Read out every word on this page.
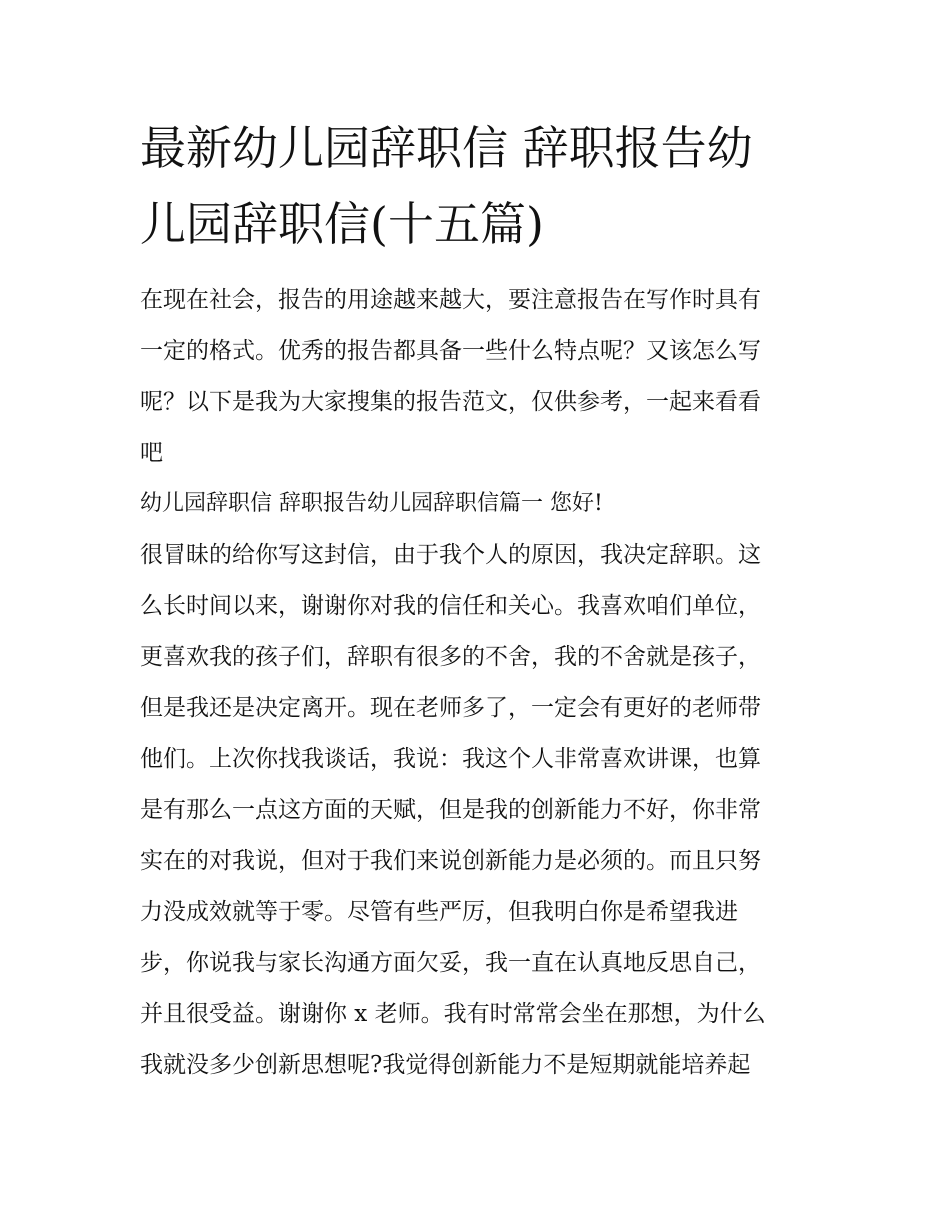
最新幼儿园辞职信 辞职报告幼
儿园辞职信(十五篇)
在现在社会，报告的用途越来越大，要注意报告在写作时具有
一定的格式。优秀的报告都具备一些什么特点呢？又该怎么写
呢？以下是我为大家搜集的报告范文，仅供参考，一起来看看
吧
幼儿园辞职信 辞职报告幼儿园辞职信篇一 您好!
很冒昧的给你写这封信，由于我个人的原因，我决定辞职。这
么长时间以来，谢谢你对我的信任和关心。我喜欢咱们单位，
更喜欢我的孩子们，辞职有很多的不舍，我的不舍就是孩子，
但是我还是决定离开。现在老师多了，一定会有更好的老师带
他们。上次你找我谈话，我说：我这个人非常喜欢讲课，也算
是有那么一点这方面的天赋，但是我的创新能力不好，你非常
实在的对我说，但对于我们来说创新能力是必须的。而且只努
力没成效就等于零。尽管有些严厉，但我明白你是希望我进
步，你说我与家长沟通方面欠妥，我一直在认真地反思自己，
并且很受益。谢谢你 x 老师。我有时常常会坐在那想，为什么
我就没多少创新思想呢?我觉得创新能力不是短期就能培养起
